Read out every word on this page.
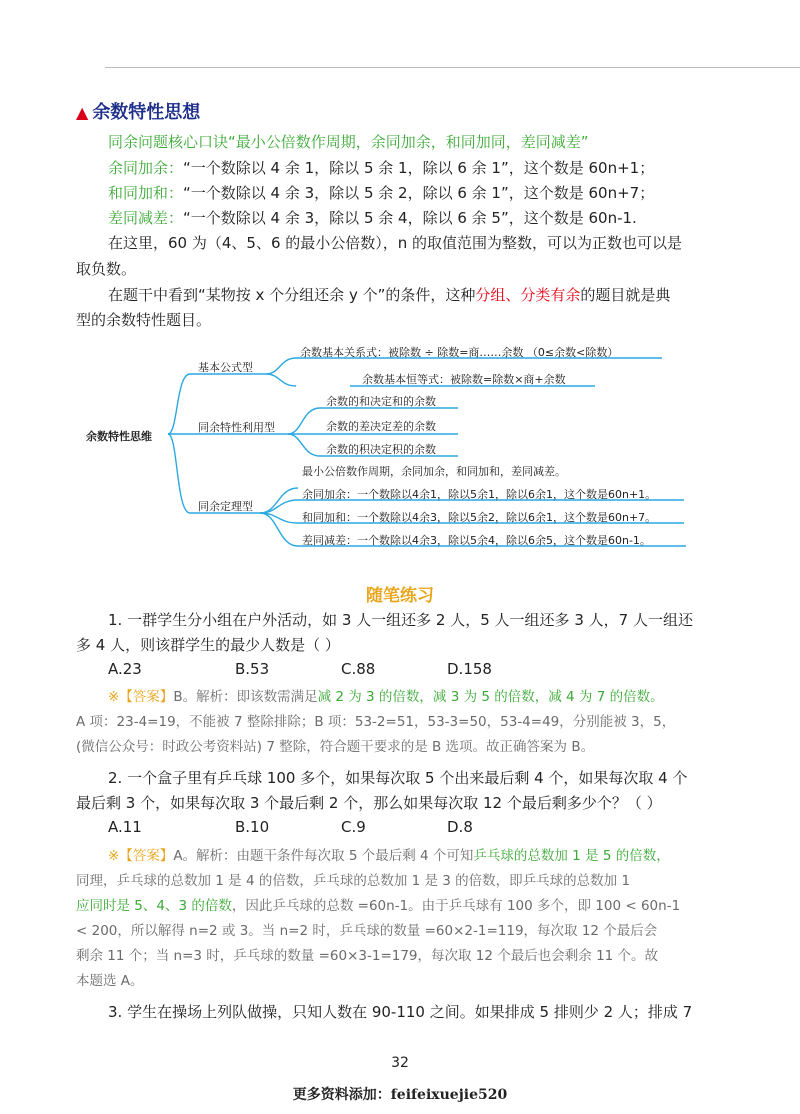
▲ 余数特性思想
同余问题核心口诀“最小公倍数作周期，余同加余，和同加同，差同减差”
余同加余：“一个数除以 4 余 1，除以 5 余 1，除以 6 余 1”，这个数是 60n+1；
和同加和：“一个数除以 4 余 3，除以 5 余 2，除以 6 余 1”，这个数是 60n+7；
差同减差：“一个数除以 4 余 3，除以 5 余 4，除以 6 余 5”，这个数是 60n-1.
在这里，60 为（4、5、6 的最小公倍数），n 的取值范围为整数，可以为正数也可以是
取负数。
在题干中看到“某物按 x 个分组还余 y 个”的条件，这种分组、分类有余的题目就是典
型的余数特性题目。
余数特性思维
基本公式型
余数基本关系式：被除数 ÷ 除数=商……余数 （0≤余数<除数）
余数基本恒等式：被除数=除数×商+余数
同余特性利用型
余数的和决定和的余数
余数的差决定差的余数
余数的积决定积的余数
同余定理型
最小公倍数作周期，余同加余，和同加和，差同减差。
余同加余：一个数除以4余1，除以5余1，除以6余1，这个数是60n+1。
和同加和：一个数除以4余3，除以5余2，除以6余1，这个数是60n+7。
差同减差：一个数除以4余3，除以5余4，除以6余5，这个数是60n-1。
随笔练习
1. 一群学生分小组在户外活动，如 3 人一组还多 2 人，5 人一组还多 3 人，7 人一组还
多 4 人，则该群学生的最少人数是（ ）
A.23	B.53	C.88	D.158
※【答案】B。解析：即该数需满足减 2 为 3 的倍数，减 3 为 5 的倍数，减 4 为 7 的倍数。
A 项：23-4=19，不能被 7 整除排除；B 项：53-2=51，53-3=50，53-4=49，分别能被 3，5，
(微信公众号：时政公考资料站) 7 整除，符合题干要求的是 B 选项。故正确答案为 B。
2. 一个盒子里有乒乓球 100 多个，如果每次取 5 个出来最后剩 4 个，如果每次取 4 个
最后剩 3 个，如果每次取 3 个最后剩 2 个，那么如果每次取 12 个最后剩多少个？（ ）
A.11	B.10	C.9	D.8
※【答案】A。解析：由题干条件每次取 5 个最后剩 4 个可知乒乓球的总数加 1 是 5 的倍数，
同理，乒乓球的总数加 1 是 4 的倍数，乒乓球的总数加 1 是 3 的倍数，即乒乓球的总数加 1
应同时是 5、4、3 的倍数，因此乒乓球的总数 =60n-1。由于乒乓球有 100 多个，即 100 < 60n-1
< 200，所以解得 n=2 或 3。当 n=2 时，乒乓球的数量 =60×2-1=119，每次取 12 个最后会
剩余 11 个；当 n=3 时，乒乓球的数量 =60×3-1=179，每次取 12 个最后也会剩余 11 个。故
本题选 A。
3. 学生在操场上列队做操，只知人数在 90-110 之间。如果排成 5 排则少 2 人；排成 7
32
更多资料添加：feifeixuejie520
